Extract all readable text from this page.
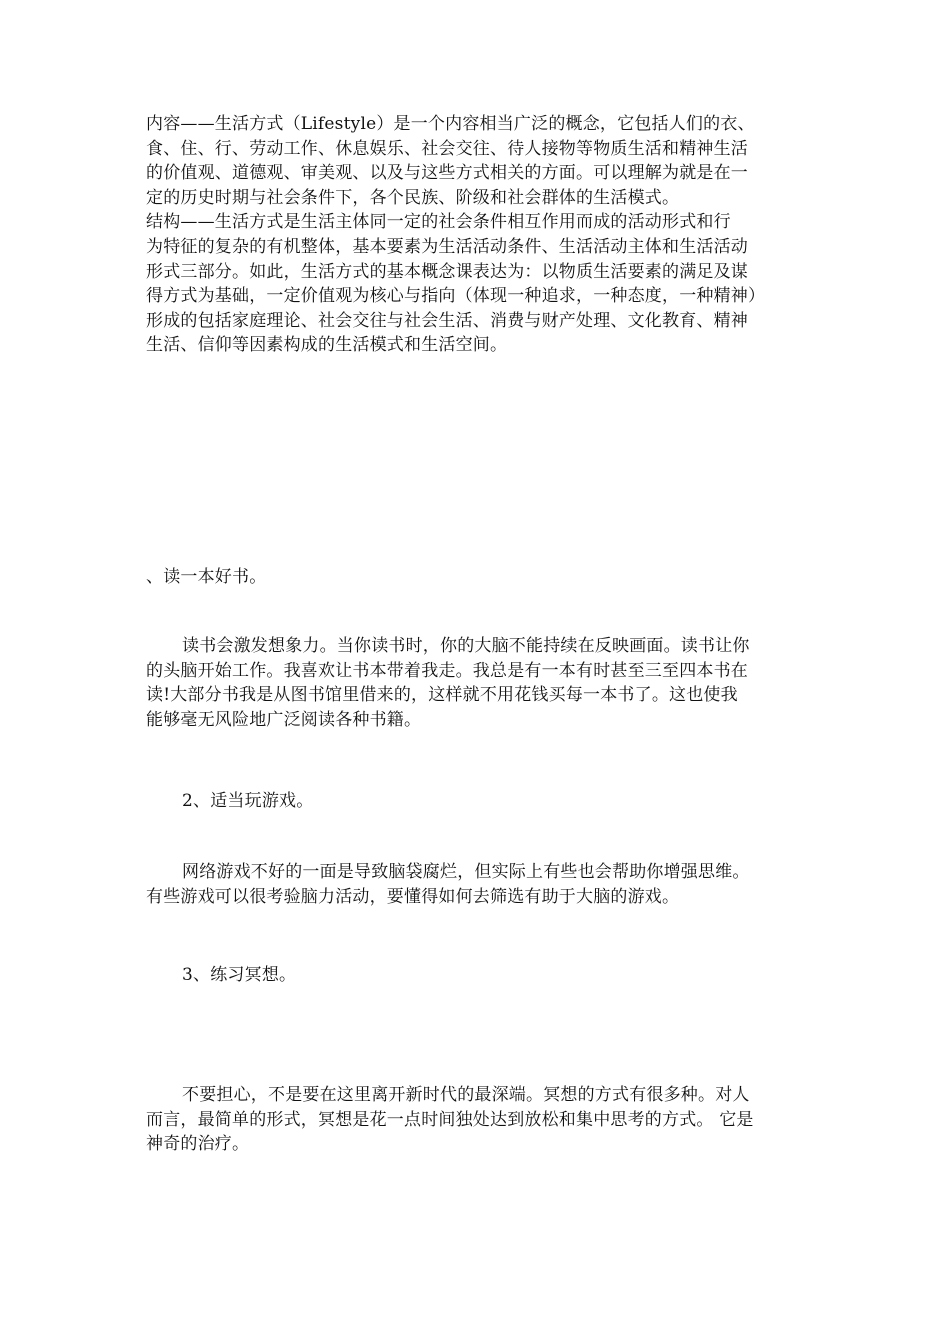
内容——生活方式（Lifestyle）是一个内容相当广泛的概念，它包括人们的衣、
食、住、行、劳动工作、休息娱乐、社会交往、待人接物等物质生活和精神生活
的价值观、道德观、审美观、以及与这些方式相关的方面。可以理解为就是在一
定的历史时期与社会条件下，各个民族、阶级和社会群体的生活模式。
结构——生活方式是生活主体同一定的社会条件相互作用而成的活动形式和行
为特征的复杂的有机整体，基本要素为生活活动条件、生活活动主体和生活活动
形式三部分。如此，生活方式的基本概念课表达为：以物质生活要素的满足及谋
得方式为基础，一定价值观为核心与指向（体现一种追求，一种态度，一种精神）
形成的包括家庭理论、社会交往与社会生活、消费与财产处理、文化教育、精神
生活、信仰等因素构成的生活模式和生活空间。
、读一本好书。
读书会激发想象力。当你读书时，你的大脑不能持续在反映画面。读书让你
的头脑开始工作。我喜欢让书本带着我走。我总是有一本有时甚至三至四本书在
读!大部分书我是从图书馆里借来的，这样就不用花钱买每一本书了。这也使我
能够毫无风险地广泛阅读各种书籍。
2、适当玩游戏。
网络游戏不好的一面是导致脑袋腐烂，但实际上有些也会帮助你增强思维。
有些游戏可以很考验脑力活动，要懂得如何去筛选有助于大脑的游戏。
3、练习冥想。
不要担心，不是要在这里离开新时代的最深端。冥想的方式有很多种。对人
而言，最简单的形式，冥想是花一点时间独处达到放松和集中思考的方式。 它是
神奇的治疗。
